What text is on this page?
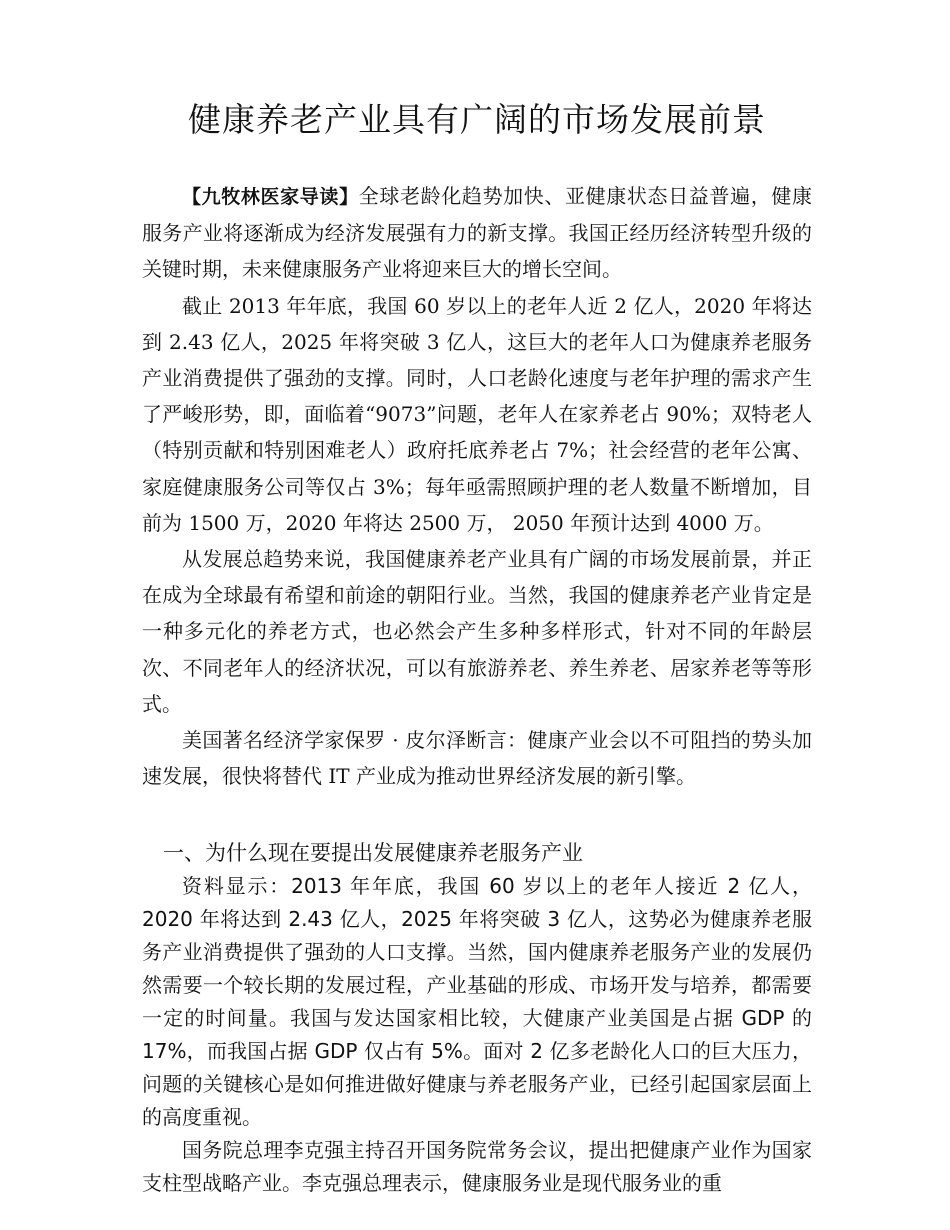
健康养老产业具有广阔的市场发展前景

【九牧林医家导读】全球老龄化趋势加快、亚健康状态日益普遍，健康服务产业将逐渐成为经济发展强有力的新支撑。我国正经历经济转型升级的关键时期，未来健康服务产业将迎来巨大的增长空间。

截止 2013 年年底，我国 60 岁以上的老年人近 2 亿人，2020 年将达到 2.43 亿人，2025 年将突破 3 亿人，这巨大的老年人口为健康养老服务产业消费提供了强劲的支撑。同时，人口老龄化速度与老年护理的需求产生了严峻形势，即，面临着“9073”问题，老年人在家养老占 90%；双特老人（特别贡献和特别困难老人）政府托底养老占 7%；社会经营的老年公寓、家庭健康服务公司等仅占 3%；每年亟需照顾护理的老人数量不断增加，目前为 1500 万，2020 年将达 2500 万， 2050 年预计达到 4000 万。

从发展总趋势来说，我国健康养老产业具有广阔的市场发展前景，并正在成为全球最有希望和前途的朝阳行业。当然，我国的健康养老产业肯定是一种多元化的养老方式，也必然会产生多种多样形式，针对不同的年龄层次、不同老年人的经济状况，可以有旅游养老、养生养老、居家养老等等形式。

美国著名经济学家保罗 · 皮尔泽断言：健康产业会以不可阻挡的势头加速发展，很快将替代 IT 产业成为推动世界经济发展的新引擎。

一、为什么现在要提出发展健康养老服务产业

资料显示：2013 年年底，我国 60 岁以上的老年人接近 2 亿人，2020 年将达到 2.43 亿人，2025 年将突破 3 亿人，这势必为健康养老服务产业消费提供了强劲的人口支撑。当然，国内健康养老服务产业的发展仍然需要一个较长期的发展过程，产业基础的形成、市场开发与培养，都需要一定的时间量。我国与发达国家相比较，大健康产业美国是占据 GDP 的 17%，而我国占据 GDP 仅占有 5%。面对 2 亿多老龄化人口的巨大压力，问题的关键核心是如何推进做好健康与养老服务产业，已经引起国家层面上的高度重视。

国务院总理李克强主持召开国务院常务会议，提出把健康产业作为国家支柱型战略产业。李克强总理表示，健康服务业是现代服务业的重
